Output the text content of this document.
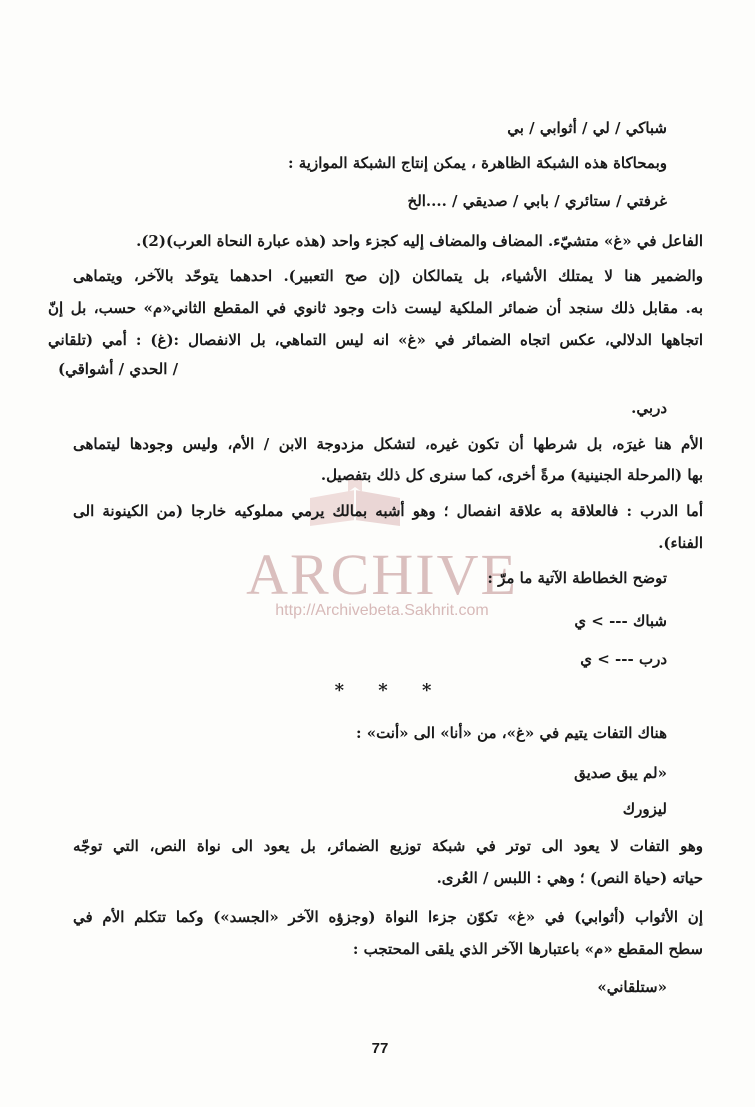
شباكي / لي / أثوابي / بي
وبمحاكاة هذه الشبكة الظاهرة ، يمكن إنتاج الشبكة الموازية :
غرفتي / ستائري / بابي / صديقي / ....الخ
الفاعل في «غ» متشيّء. المضاف والمضاف إليه كجزء واحد (هذه عبارة النحاة العرب)(2).
والضمير هنا لا يمتلك الأشياء، بل يتمالكان (إن صح التعبير). احدهما يتوحّد بالآخر، ويتماهى
به. مقابل ذلك سنجد أن ضمائر الملكية ليست ذات وجود ثانوي في المقطع الثاني«م» حسب، بل إنّ
اتجاهها الدلالي، عكس اتجاه الضمائر في «غ» انه ليس التماهي، بل الانفصال :(غ) : أمي (تلقاني
/ الحدي / أشواقي)
دربي.
الأم هنا غيرَه، بل شرطها أن تكون غيره، لتشكل مزدوجة الابن / الأم، وليس وجودها ليتماهى
بها (المرحلة الجنينية) مرةً أخرى، كما سنرى كل ذلك بتفصيل.
أما الدرب : فالعلاقة به علاقة انفصال ؛ وهو أشبه بمالك يرمي مملوكيه خارجا (من الكينونة الى
الفناء).
ARCHIVE
توضح الخطاطة الآتية ما مرّ :
http://Archivebeta.Sakhrit.com
شباك --- > ي
درب --- > ي
* * *
هناك التفات يتيم في «غ»، من «أنا» الى «أنت» :
«لم يبق صديق
ليزورك
وهو التفات لا يعود الى توتر في شبكة توزيع الضمائر، بل يعود الى نواة النص، التي توجّه
حياته (حياة النص) ؛ وهي : اللبس / العُرى.
إن الأثواب (أثوابي) في «غ» تكوّن جزءا النواة (وجزؤه الآخر «الجسد») وكما تتكلم الأم في
سطح المقطع «م» باعتبارها الآخر الذي يلقى المحتجب :
«ستلقاني»
77
